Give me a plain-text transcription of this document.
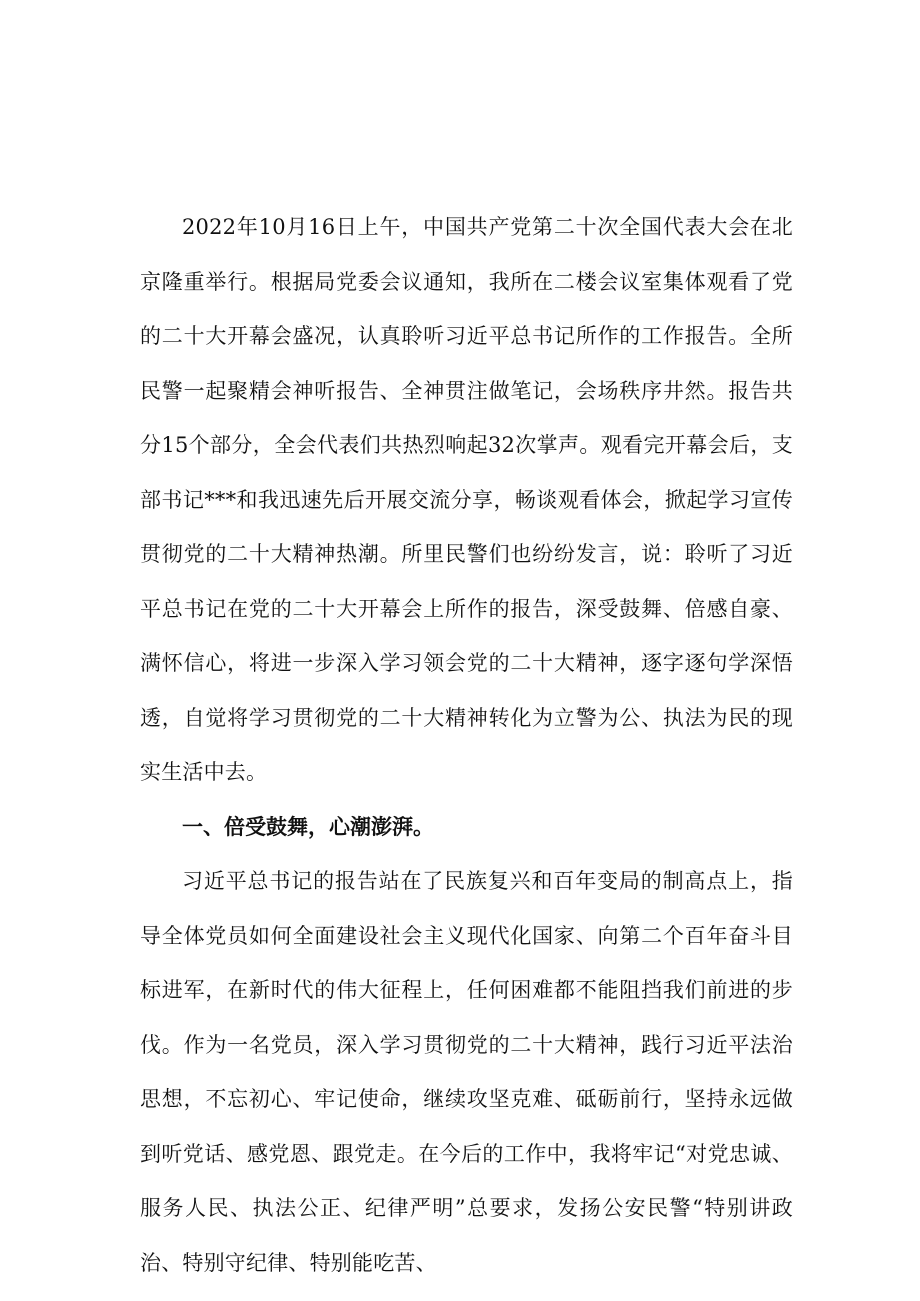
2022年10月16日上午，中国共产党第二十次全国代表大会在北京隆重举行。根据局党委会议通知，我所在二楼会议室集体观看了党的二十大开幕会盛况，认真聆听习近平总书记所作的工作报告。全所民警一起聚精会神听报告、全神贯注做笔记，会场秩序井然。报告共分15个部分，全会代表们共热烈响起32次掌声。观看完开幕会后，支部书记***和我迅速先后开展交流分享，畅谈观看体会，掀起学习宣传贯彻党的二十大精神热潮。所里民警们也纷纷发言，说：聆听了习近平总书记在党的二十大开幕会上所作的报告，深受鼓舞、倍感自豪、满怀信心，将进一步深入学习领会党的二十大精神，逐字逐句学深悟透，自觉将学习贯彻党的二十大精神转化为立警为公、执法为民的现实生活中去。

一、倍受鼓舞，心潮澎湃。

习近平总书记的报告站在了民族复兴和百年变局的制高点上，指导全体党员如何全面建设社会主义现代化国家、向第二个百年奋斗目标进军，在新时代的伟大征程上，任何困难都不能阻挡我们前进的步伐。作为一名党员，深入学习贯彻党的二十大精神，践行习近平法治思想，不忘初心、牢记使命，继续攻坚克难、砥砺前行，坚持永远做到听党话、感党恩、跟党走。在今后的工作中，我将牢记“对党忠诚、服务人民、执法公正、纪律严明”总要求，发扬公安民警“特别讲政治、特别守纪律、特别能吃苦、
